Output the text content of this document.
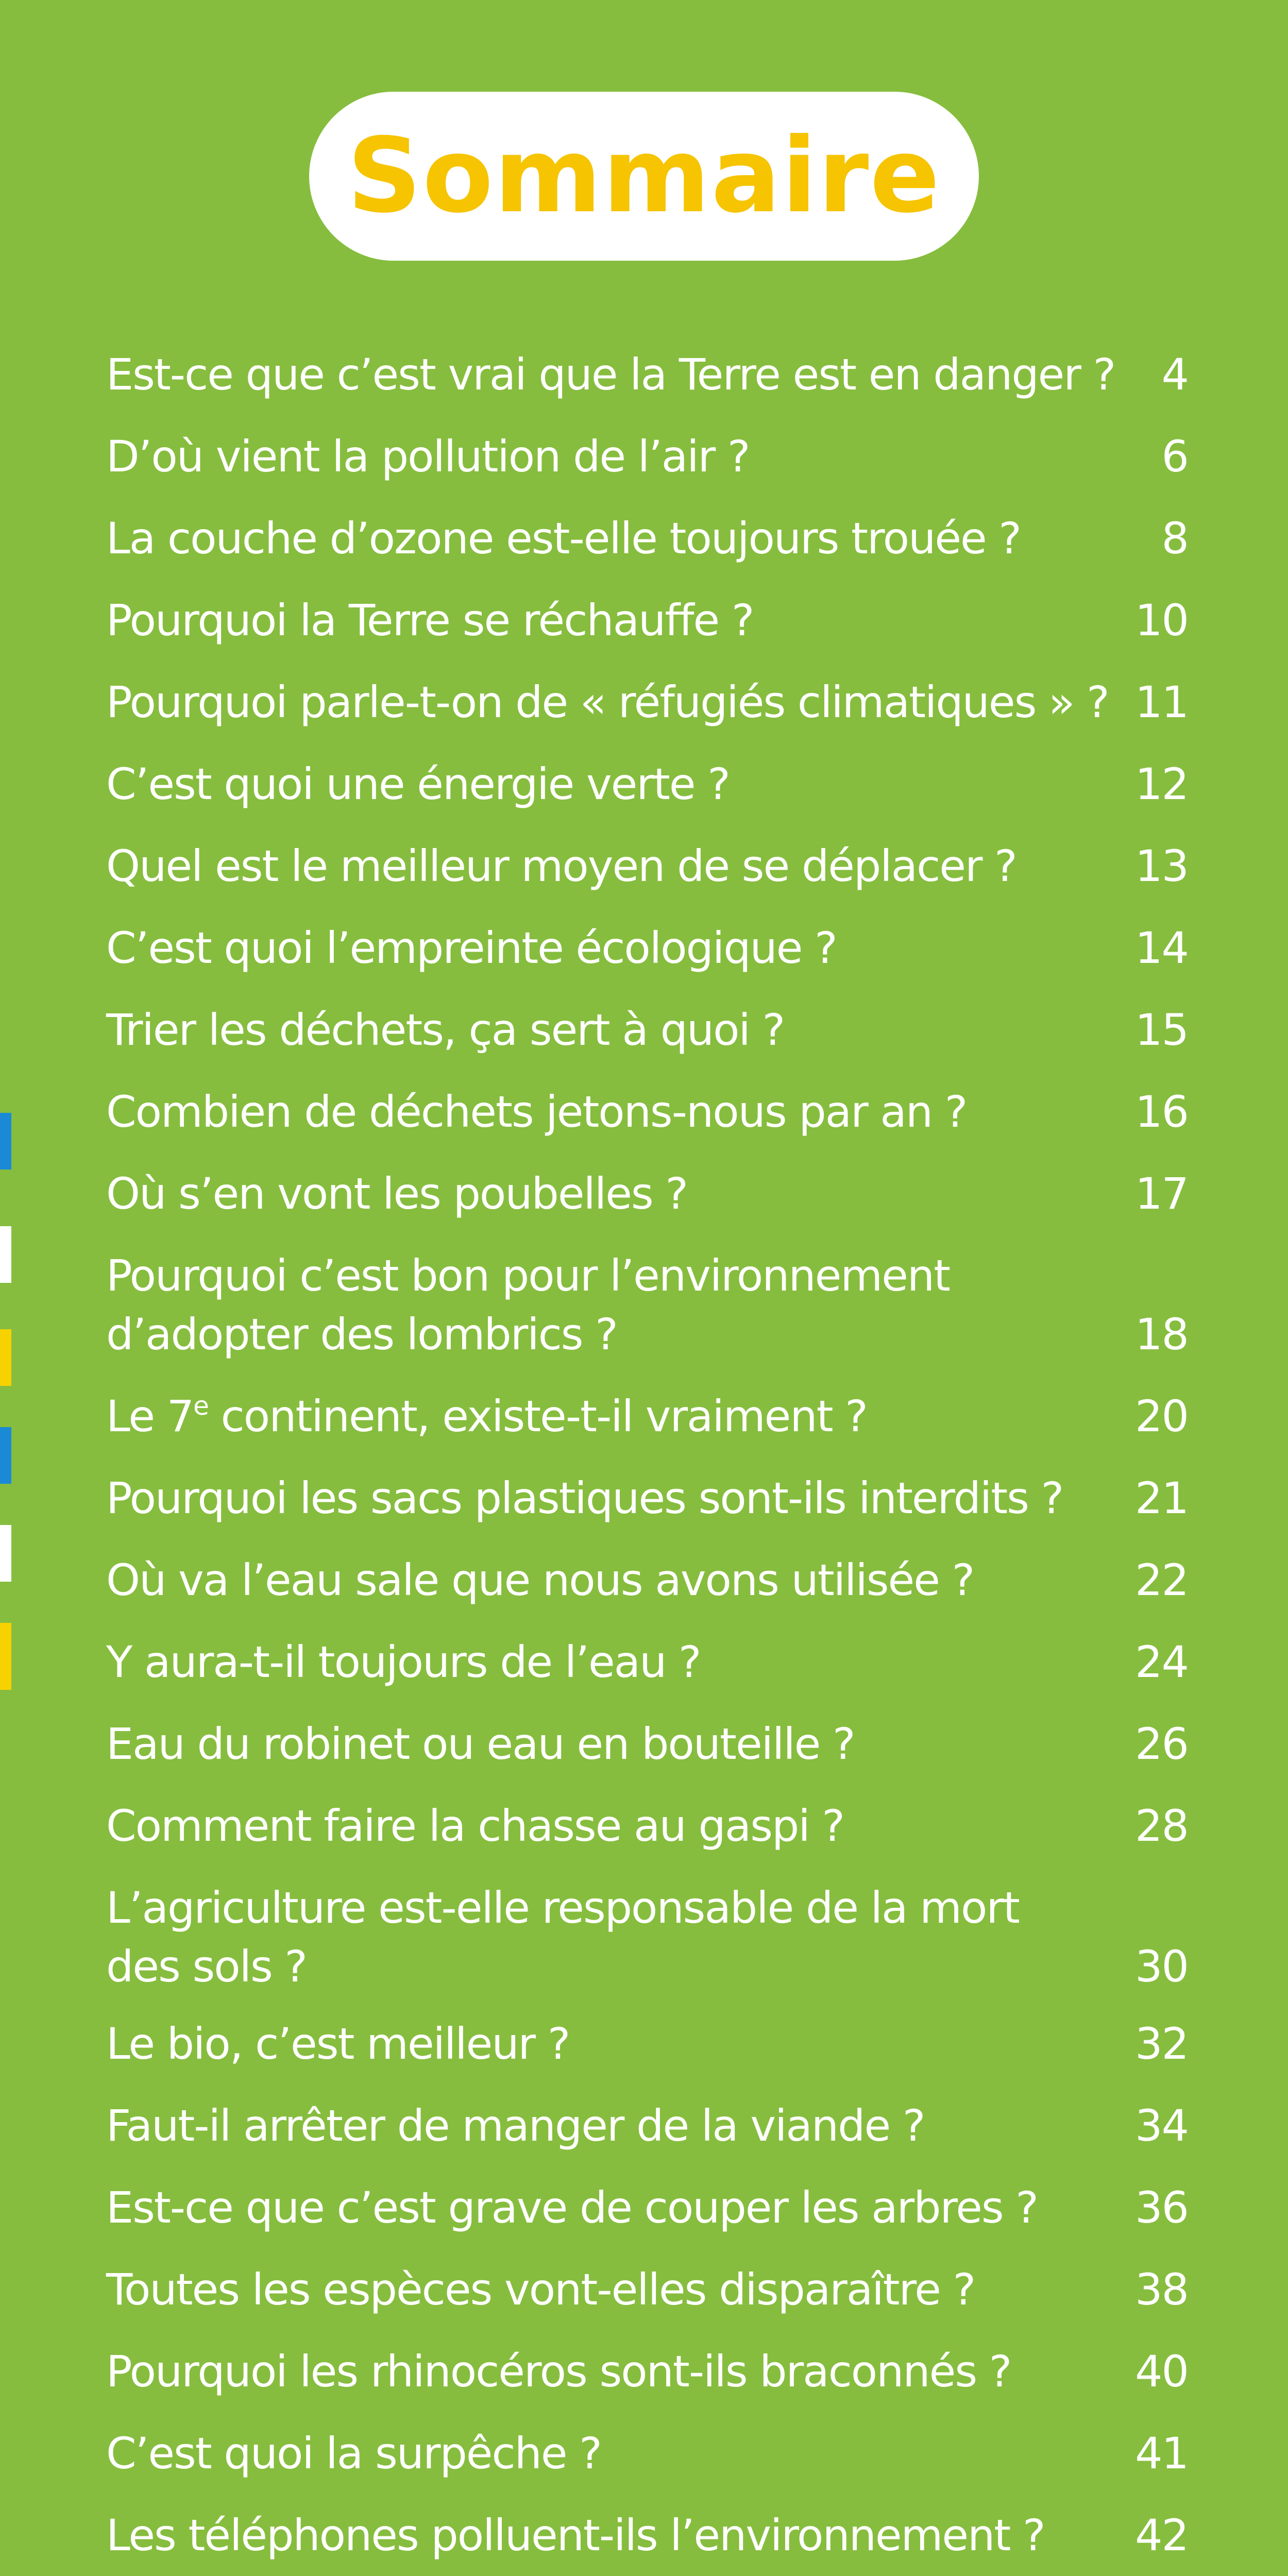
Sommaire
Est-ce que c’est vrai que la Terre est en danger ? 4
D’où vient la pollution de l’air ?	6
La couche d’ozone est-elle toujours trouée ?	8
Pourquoi la Terre se réchauffe ?	10
Pourquoi parle-t-on de « réfugiés climatiques » ? 11
C’est quoi une énergie verte ?	12
Quel est le meilleur moyen de se déplacer ?	13
C’est quoi l’empreinte écologique ?	14
Trier les déchets, ça sert à quoi ?	15
Combien de déchets jetons-nous par an ?	16
Où s’en vont les poubelles ?	17
Pourquoi c’est bon pour l’environnement
d’adopter des lombrics ?	18
Le 7e continent, existe-t-il vraiment ?	20
Pourquoi les sacs plastiques sont-ils interdits ?	21
Où va l’eau sale que nous avons utilisée ?	22
Y aura-t-il toujours de l’eau ?	24
Eau du robinet ou eau en bouteille ?	26
Comment faire la chasse au gaspi ?	28
L’agriculture est-elle responsable de la mort
des sols ?	30
Le bio, c’est meilleur ?	32
Faut-il arrêter de manger de la viande ?	34
Est-ce que c’est grave de couper les arbres ?	36
Toutes les espèces vont-elles disparaître ?	38
Pourquoi les rhinocéros sont-ils braconnés ?	40
C’est quoi la surpêche ?	41
Les téléphones polluent-ils l’environnement ?	42
